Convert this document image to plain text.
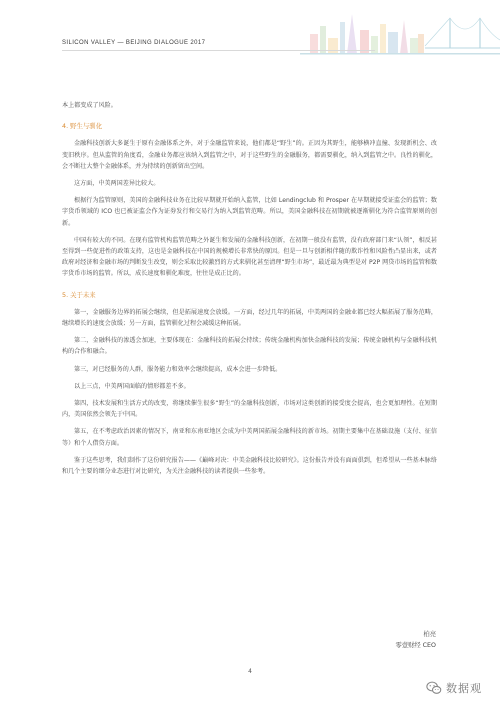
SILICON VALLEY — BEIJING DIALOGUE 2017

本上都变成了风险。

4. 野生与驯化

金融科技创新大多诞生于原有金融体系之外，对于金融监管来说，他们都是“野生”的。正因为其野生，能够横冲直撞、发现新机会、改变旧秩序。但从监管的角度看，金融业务都应该纳入到监管之中，对于这些野生的金融服务，都需要驯化，纳入到监管之中。良性的驯化，会不断壮大整个金融体系，并为持续的创新留出空间。

这方面，中美两国差异比较大。

根据行为监管原则，美国的金融科技业务在比较早期就开始纳入监管，比如 Lendingclub 和 Prosper 在早期就接受证监会的监管；数字货币领域的 ICO 也已被证监会作为证券发行和交易行为纳入到监管范畴。所以，美国金融科技在初期就被逐渐驯化为符合监管原则的创新。

中国有较大的不同。在现有监管机构监管范畴之外诞生和发展的金融科技创新，在初期一般没有监管，没有政府部门来“认领”，相反甚至得到一些促进性的政策支持，这也是金融科技在中国的规模增长非常快的原因。但是一旦与创新相伴随的欺诈性和风险性凸显出来，或者政府对经济和金融市场的判断发生改变，则会采取比较激烈的方式来驯化甚至清理“野生市场”，最近最为典型是对 P2P 网贷市场的监管和数字货币市场的监管。所以，成长速度和驯化难度，往往是成正比的。

5. 关于未来

第一，金融服务边界的拓展会继续，但是拓展速度会放缓。一方面，经过几年的拓展，中美两国的金融业都已经大幅拓展了服务范畴，继续增长的速度会放缓；另一方面，监管驯化过程会减缓这种拓展。

第二，金融科技的渗透会加速，主要体现在：金融科技的拓展会持续；传统金融机构加快金融科技的发展；传统金融机构与金融科技机构的合作和融合。

第三，对已经服务的人群，服务能力和效率会继续提高，成本会进一步降低。

以上三点，中美两国面临的情形都差不多。

第四，技术发展和生活方式的改变，将继续催生很多“野生”的金融科技创新，市场对这类创新的接受度会提高，也会更加理性。在短期内，美国依然会领先于中国。

第五，在不考虑政治因素的情况下，南亚和东南亚地区会成为中美两国拓展金融科技的新市场。初期主要集中在基础设施（支付、征信等）和个人借贷方面。

鉴于这些思考，我们制作了这份研究报告——《巅峰对决：中美金融科技比较研究》。这份报告并没有面面俱到，但希望从一些基本脉络和几个主要的细分业态进行对比研究，为关注金融科技的读者提供一些参考。

柏亮
零壹财经 CEO
4
数据观
